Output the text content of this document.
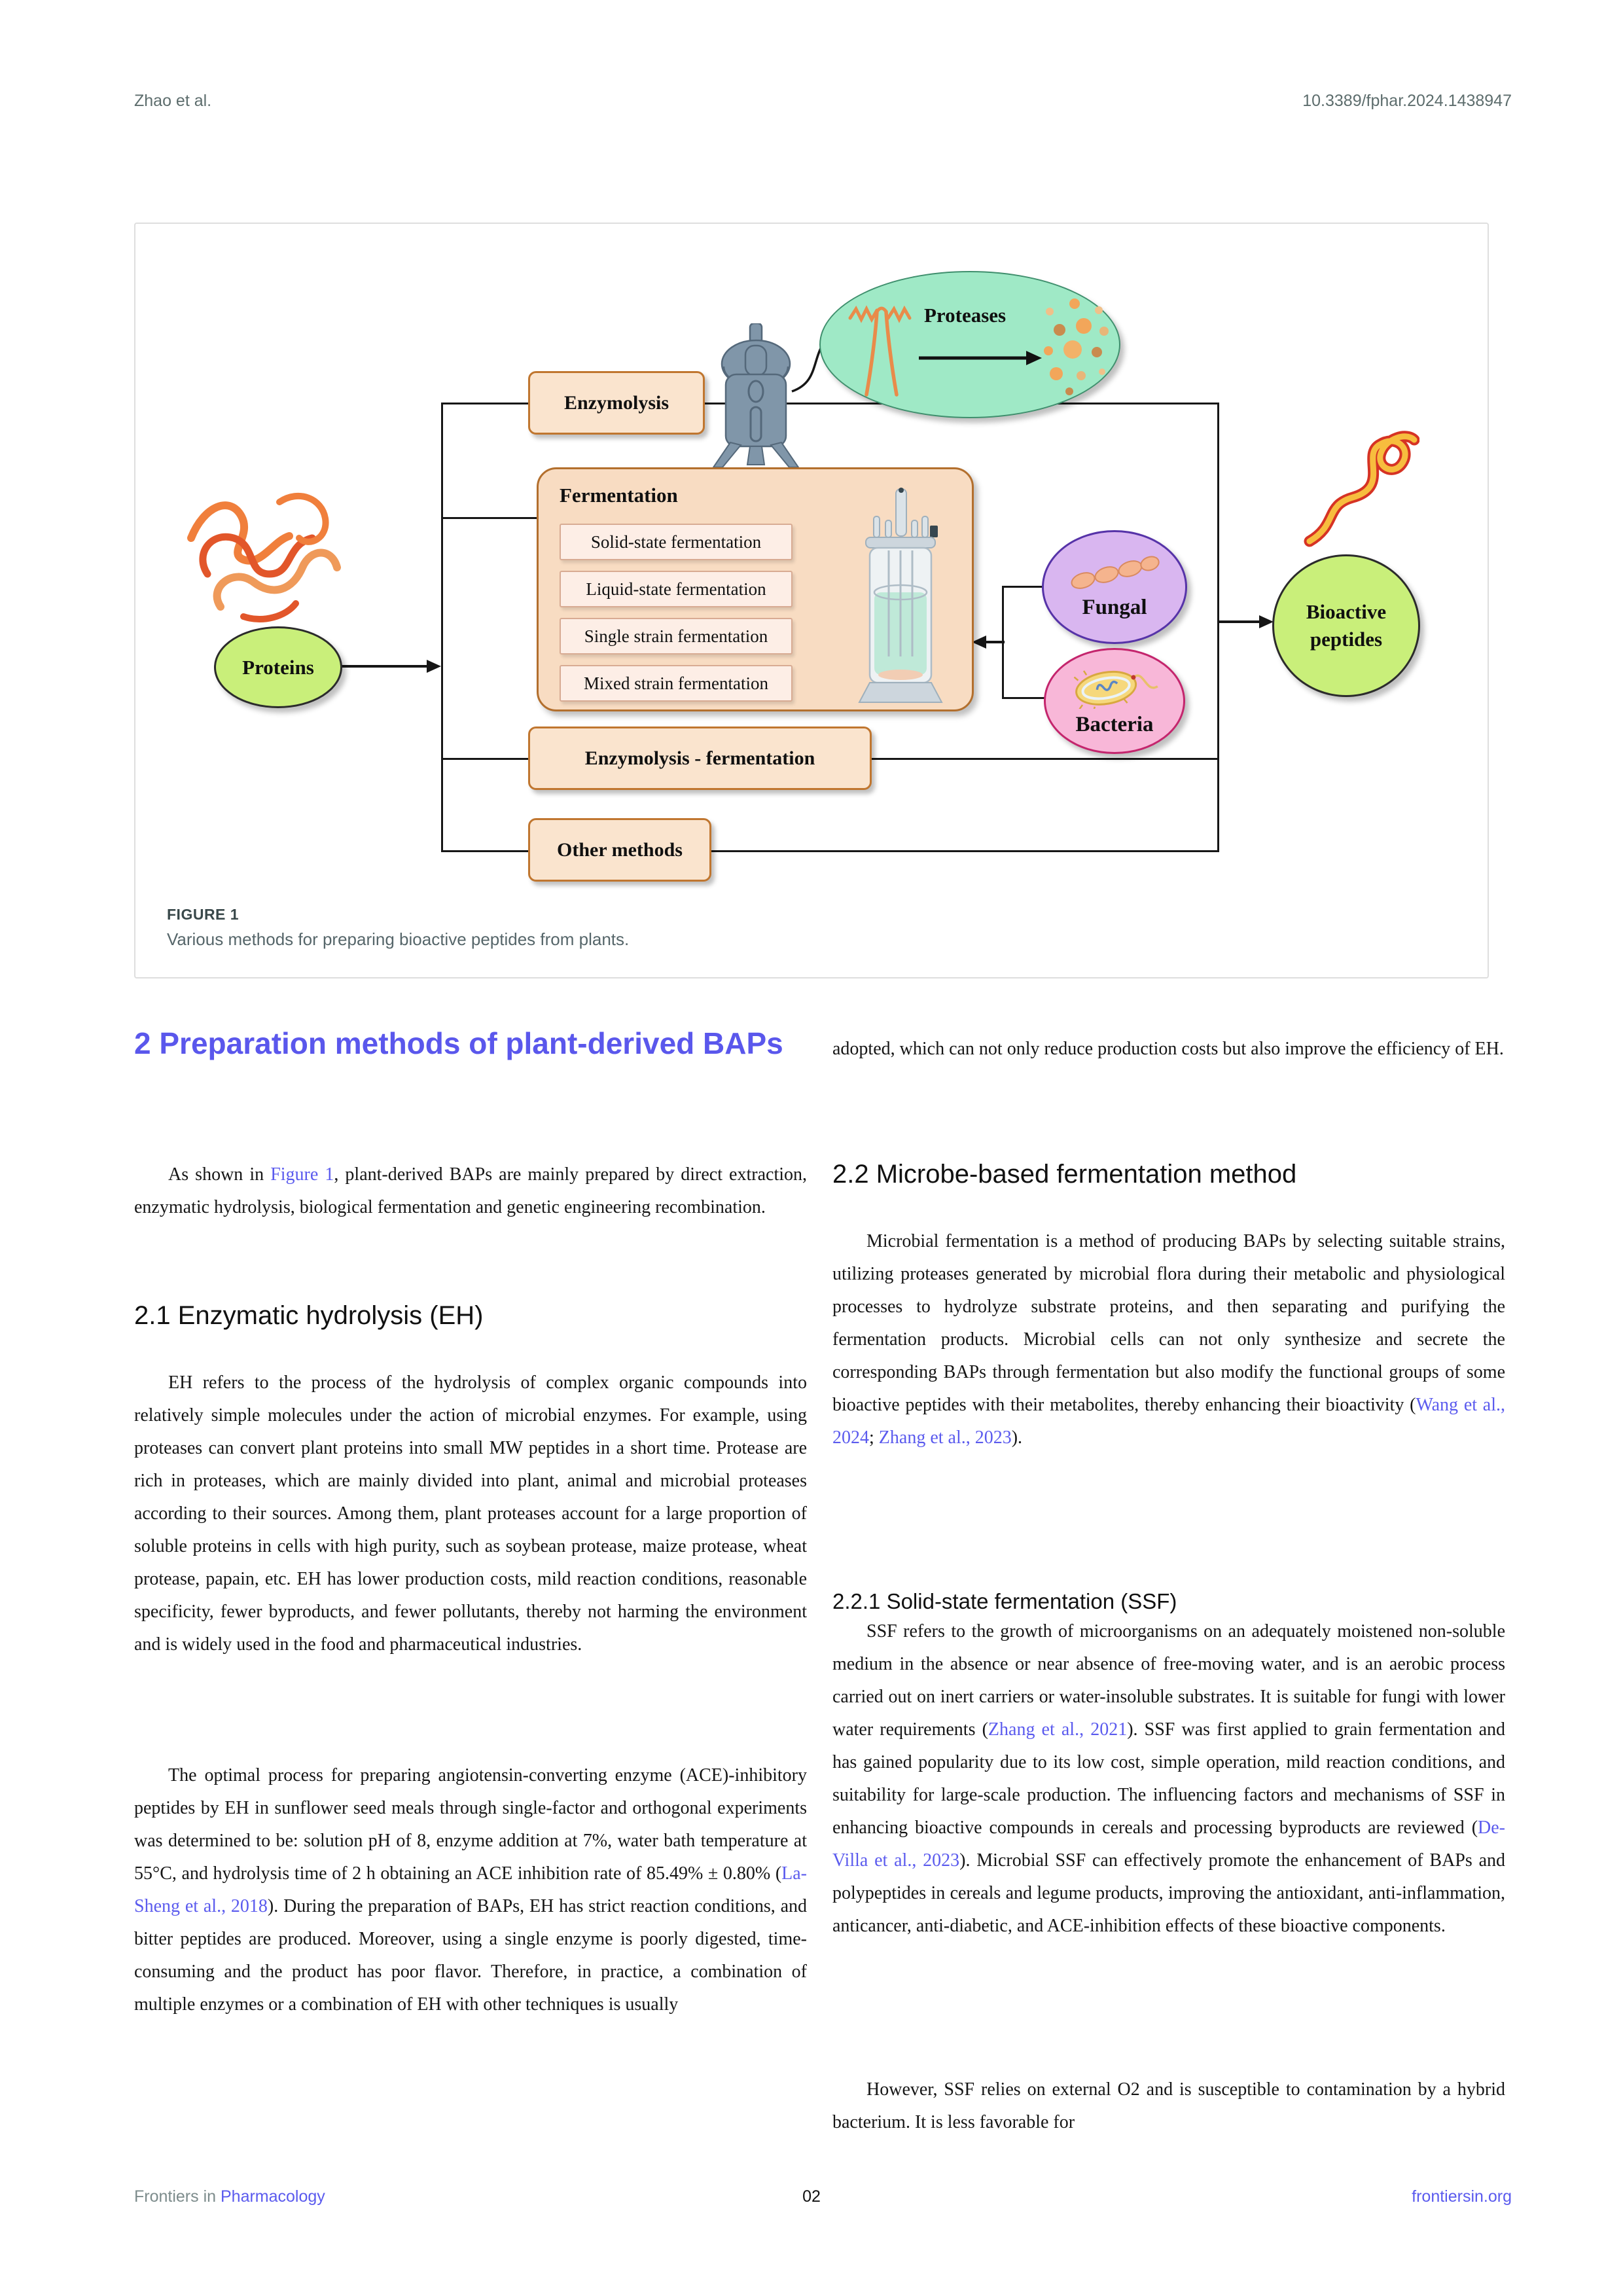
Zhao et al.	10.3389/fphar.2024.1438947
Proteases
Enzymolysis
Proteins
Fermentation
Solid-state fermentation
Liquid-state fermentation
Single strain fermentation
Mixed strain fermentation
Fungal
Bacteria
Bioactive peptides
Enzymolysis - fermentation
Other methods
FIGURE 1
Various methods for preparing bioactive peptides from plants.
2 Preparation methods of plant-derived BAPs
As shown in Figure 1, plant-derived BAPs are mainly prepared by direct extraction, enzymatic hydrolysis, biological fermentation and genetic engineering recombination.
2.1 Enzymatic hydrolysis (EH)
EH refers to the process of the hydrolysis of complex organic compounds into relatively simple molecules under the action of microbial enzymes. For example, using proteases can convert plant proteins into small MW peptides in a short time. Protease are rich in proteases, which are mainly divided into plant, animal and microbial proteases according to their sources. Among them, plant proteases account for a large proportion of soluble proteins in cells with high purity, such as soybean protease, maize protease, wheat protease, papain, etc. EH has lower production costs, mild reaction conditions, reasonable specificity, fewer byproducts, and fewer pollutants, thereby not harming the environment and is widely used in the food and pharmaceutical industries.
The optimal process for preparing angiotensin-converting enzyme (ACE)-inhibitory peptides by EH in sunflower seed meals through single-factor and orthogonal experiments was determined to be: solution pH of 8, enzyme addition at 7%, water bath temperature at 55°C, and hydrolysis time of 2 h obtaining an ACE inhibition rate of 85.49% ± 0.80% (La-Sheng et al., 2018). During the preparation of BAPs, EH has strict reaction conditions, and bitter peptides are produced. Moreover, using a single enzyme is poorly digested, time-consuming and the product has poor flavor. Therefore, in practice, a combination of multiple enzymes or a combination of EH with other techniques is usually
adopted, which can not only reduce production costs but also improve the efficiency of EH.
2.2 Microbe-based fermentation method
Microbial fermentation is a method of producing BAPs by selecting suitable strains, utilizing proteases generated by microbial flora during their metabolic and physiological processes to hydrolyze substrate proteins, and then separating and purifying the fermentation products. Microbial cells can not only synthesize and secrete the corresponding BAPs through fermentation but also modify the functional groups of some bioactive peptides with their metabolites, thereby enhancing their bioactivity (Wang et al., 2024; Zhang et al., 2023).
2.2.1 Solid-state fermentation (SSF)
SSF refers to the growth of microorganisms on an adequately moistened non-soluble medium in the absence or near absence of free-moving water, and is an aerobic process carried out on inert carriers or water-insoluble substrates. It is suitable for fungi with lower water requirements (Zhang et al., 2021). SSF was first applied to grain fermentation and has gained popularity due to its low cost, simple operation, mild reaction conditions, and suitability for large-scale production. The influencing factors and mechanisms of SSF in enhancing bioactive compounds in cereals and processing byproducts are reviewed (De-Villa et al., 2023). Microbial SSF can effectively promote the enhancement of BAPs and polypeptides in cereals and legume products, improving the antioxidant, anti-inflammation, anticancer, anti-diabetic, and ACE-inhibition effects of these bioactive components.
However, SSF relies on external O2 and is susceptible to contamination by a hybrid bacterium. It is less favorable for
Frontiers in Pharmacology	02	frontiersin.org
